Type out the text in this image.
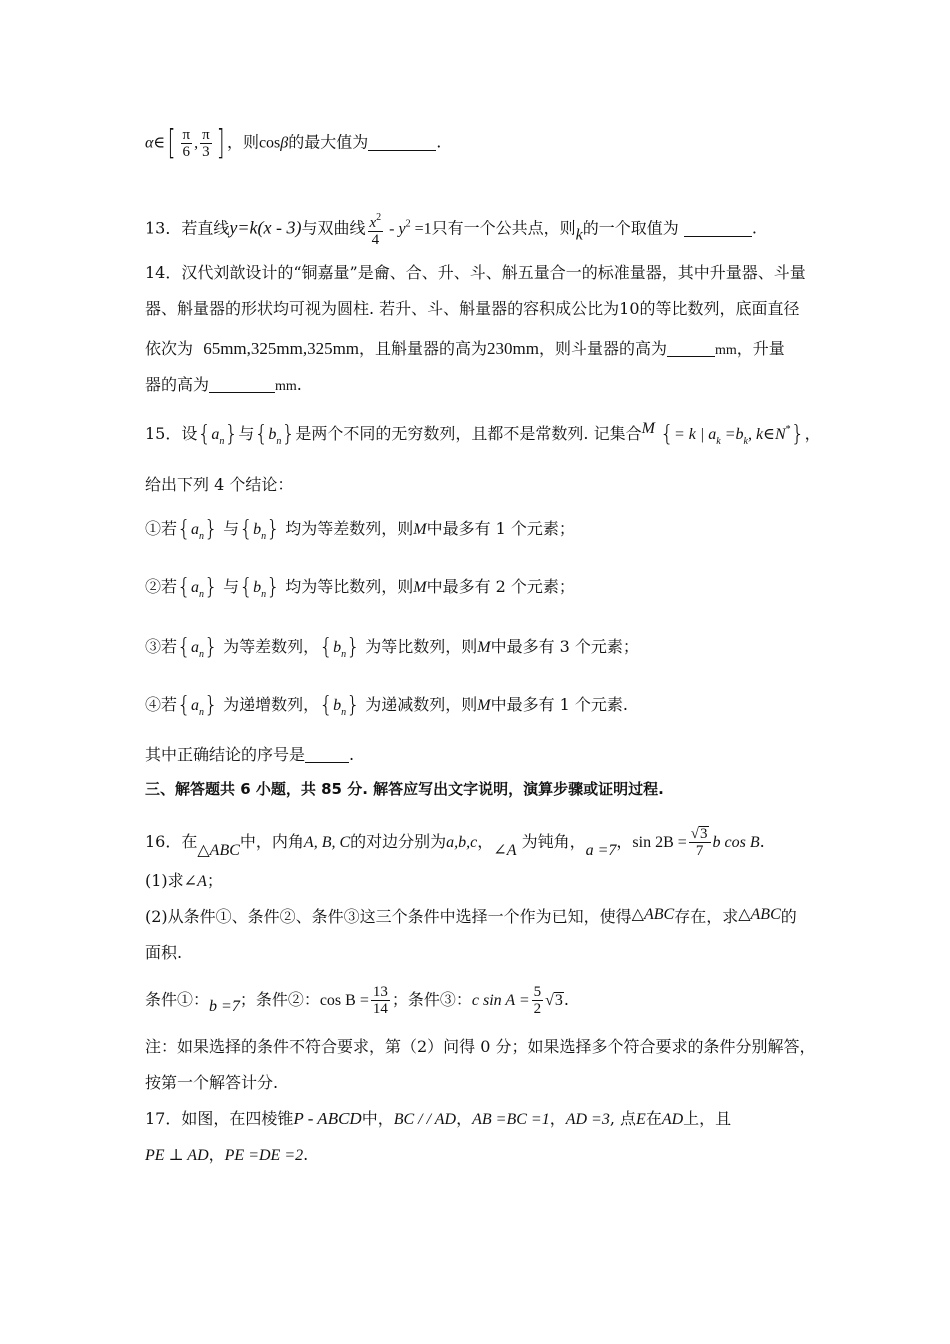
α∈[ $\frac{\pi}{6}$ , $\frac{\pi}{3}$ ] ，则cosβ的最大值为	.
13．若直线y=k(x - 3)与双曲线 $\frac{x^2}{4} - y^2 =1$只有一个公共点，则k的一个取值为	.
14．汉代刘歆设计的“铜嘉量”是龠、合、升、斗、斛五量合一的标准量器，其中升量器、斗量
器、斛量器的形状均可视为圆柱. 若升、斗、斛量器的容积成公比为10的等比数列，底面直径
依次为 65mm,325mm,325mm，且斛量器的高为230mm，则斗量器的高为	mm，升量
器的高为	mm.
15．设$\{a_n\}$与$\{b_n\}$是两个不同的无穷数列，且都不是常数列. 记集合M {= k | $a_k =b_k$, k∈N*}，
给出下列 4 个结论：
①若$\{a_n\}$ 与$\{b_n\}$ 均为等差数列，则M中最多有 1 个元素；
②若$\{a_n\}$ 与$\{b_n\}$ 均为等比数列，则M中最多有 2 个元素；
③若$\{a_n\}$ 为等差数列，$\{b_n\}$ 为等比数列，则M中最多有 3 个元素；
④若$\{a_n\}$ 为递增数列，$\{b_n\}$ 为递减数列，则M中最多有 1 个元素.
其中正确结论的序号是	.
三、解答题共 6 小题，共 85 分. 解答应写出文字说明，演算步骤或证明过程.
16．在△ABC中，内角A, B, C的对边分别为a,b,c，∠A 为钝角，a =7，$\sin 2B = \frac{√3}{7}$ b cos B.
(1)求∠A；
(2)从条件①、条件②、条件③这三个条件中选择一个作为已知，使得△ABC存在，求△ABC的
面积.
条件①：b =7；条件②：$\cos B = \frac{13}{14}$ ；条件③：c $\sin A = \frac{5}{2} √3$.
注：如果选择的条件不符合要求，第（2）问得 0 分；如果选择多个符合要求的条件分别解答，
按第一个解答计分.
17．如图，在四棱锥P - ABCD中，BC / / AD，AB =BC =1，AD =3, 点E在AD上，且
PE ⊥ AD，PE =DE =2.
